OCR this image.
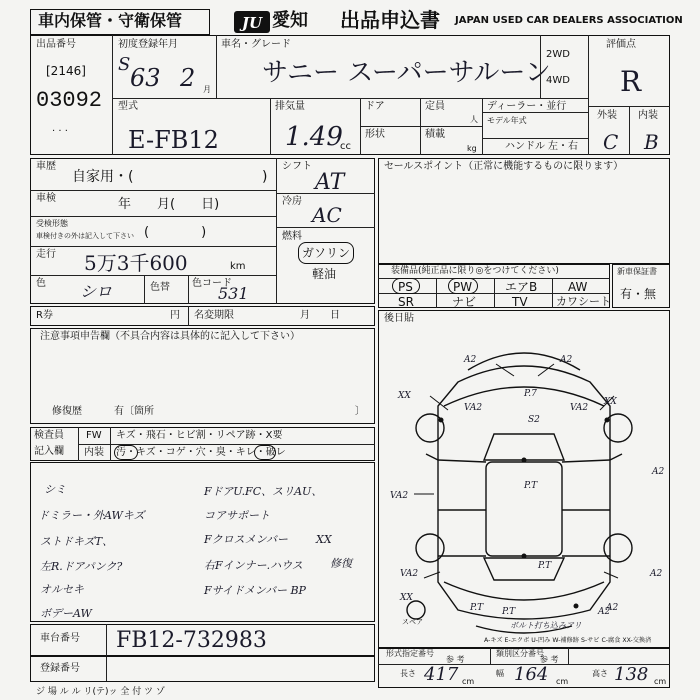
車内保管・守衛保管	JU 愛知 出品申込書 JAPAN USED CAR DEALERS ASSOCIATION
出品番号
[2146]
03092
. . .
初度登録年月
S 63 2 月
車名・グレード
サニー スーパーサルーン
2WD
4WD
評価点
R
外装 内装
C B
型式
E-FB12
排気量
1.49
cc
ドア	定員
人
形状	積載
kg
ディーラー・並行
モデル年式
ハンドル 左・右
車歴
自家用・(	)
車検	年　　月(　　日)
受検形態
車検付きの外は記入して下さい (　　　　)
走行 5万3千600	km
色 シロ	色替 色コード
531
シフト
AT
冷房
AC
燃料
ガソリン
軽油
R券	円 名変期限	月　　日
セールスポイント（正常に機能するものに限ります）
装備品(純正品に限り◎をつけてください)
PS	PW	エアB	AW
SR	ナビ	TV	カワシート
新車保証書
有・無
後日貼
A2	A2
VA2	VA2
XX
XX
P.7
S2
P.T
VA2
A2
VA2
P.T
A2
XX
P.T	A2
P.T	A2
スペア	ボルト打ち込みアリ
A-キズ E-エクボ U-凹み W-補修跡 S-サビ C-腐食 XX-交換済
注意事項申告欄（不具合内容は具体的に記入して下さい）
修復歴	有〔箇所	〕
検査員
記入欄
FW キズ・飛石・ヒビ割・リペア跡・X要
内装 汚・キズ・コゲ・穴・臭・キレ・破レ
シミ
ドミラー・外AWキズ
ストドキズT、
左R.ドアパンク?
オルセキ
ボデーAW
FドアU.FC、スリAU、
コアサポート
Fクロスメンバー
右Fインナー.ハウス
Fサイドメンバー BP
XX
修復
車台番号 FB12-732983
登録番号
ジ 場 ル ル リ(テ)ッ 全 付 ツ ゾ
形式指定番号
参 考
類別区分番号
参 考
長さ 417 cm
幅 164 cm
高さ 138 cm
